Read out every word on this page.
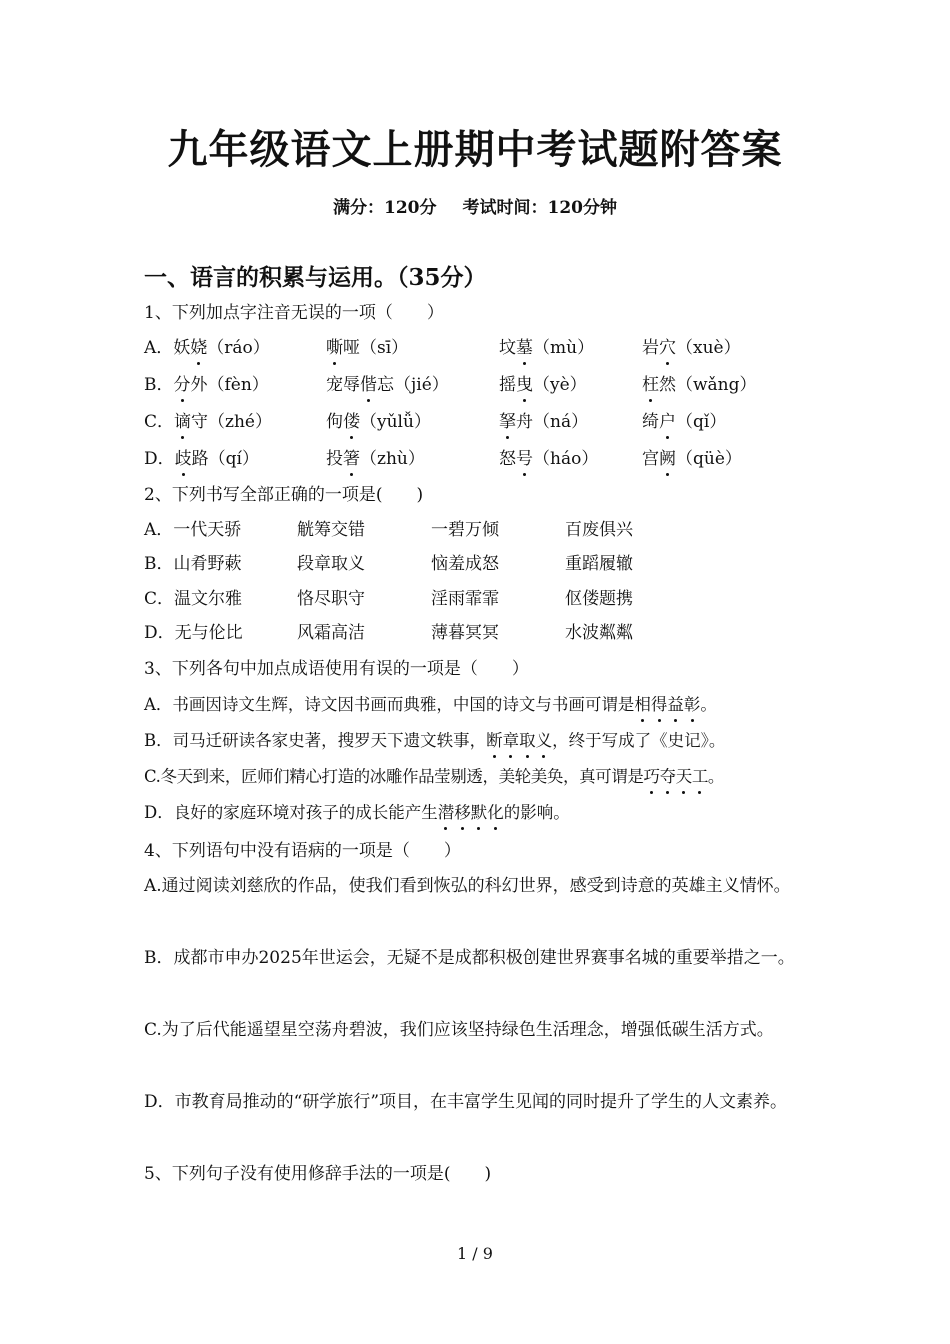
九年级语文上册期中考试题附答案
满分：120分 考试时间：120分钟
一、语言的积累与运用。（35分）
1、下列加点字注音无误的一项（　　）
A．妖娆（ráo）	嘶哑（sī）	坟墓（mù）	岩穴（xuè）
B．分外（fèn）	宠辱偕忘（jié）	摇曳（yè）	枉然（wǎng）
C．谪守（zhé）	佝偻（yǔlǚ）	拏舟（ná）	绮户（qǐ）
D．歧路（qí）	投箸（zhù）	怒号（háo）	宫阙（qüè）
2、下列书写全部正确的一项是(　　)
A．一代天骄	觥筹交错	一碧万倾	百废俱兴
B．山肴野蔌	段章取义	恼羞成怒	重蹈履辙
C．温文尔雅	恪尽职守	淫雨霏霏	伛偻题携
D．无与伦比	风霜高洁	薄暮冥冥	水波粼粼
3、下列各句中加点成语使用有误的一项是（　　）
A．书画因诗文生辉，诗文因书画而典雅，中国的诗文与书画可谓是相得益彰。
B．司马迁研读各家史著，搜罗天下遗文轶事，断章取义，终于写成了《史记》。
C.冬天到来，匠师们精心打造的冰雕作品莹剔透，美轮美奂，真可谓是巧夺天工。
D．良好的家庭环境对孩子的成长能产生潜移默化的影响。
4、下列语句中没有语病的一项是（　　）
A.通过阅读刘慈欣的作品，使我们看到恢弘的科幻世界，感受到诗意的英雄主义情怀。
B．成都市申办2025年世运会，无疑不是成都积极创建世界赛事名城的重要举措之一。
C.为了后代能遥望星空荡舟碧波，我们应该坚持绿色生活理念，增强低碳生活方式。
D．市教育局推动的“研学旅行”项目，在丰富学生见闻的同时提升了学生的人文素养。
5、下列句子没有使用修辞手法的一项是(　　)
1 / 9
